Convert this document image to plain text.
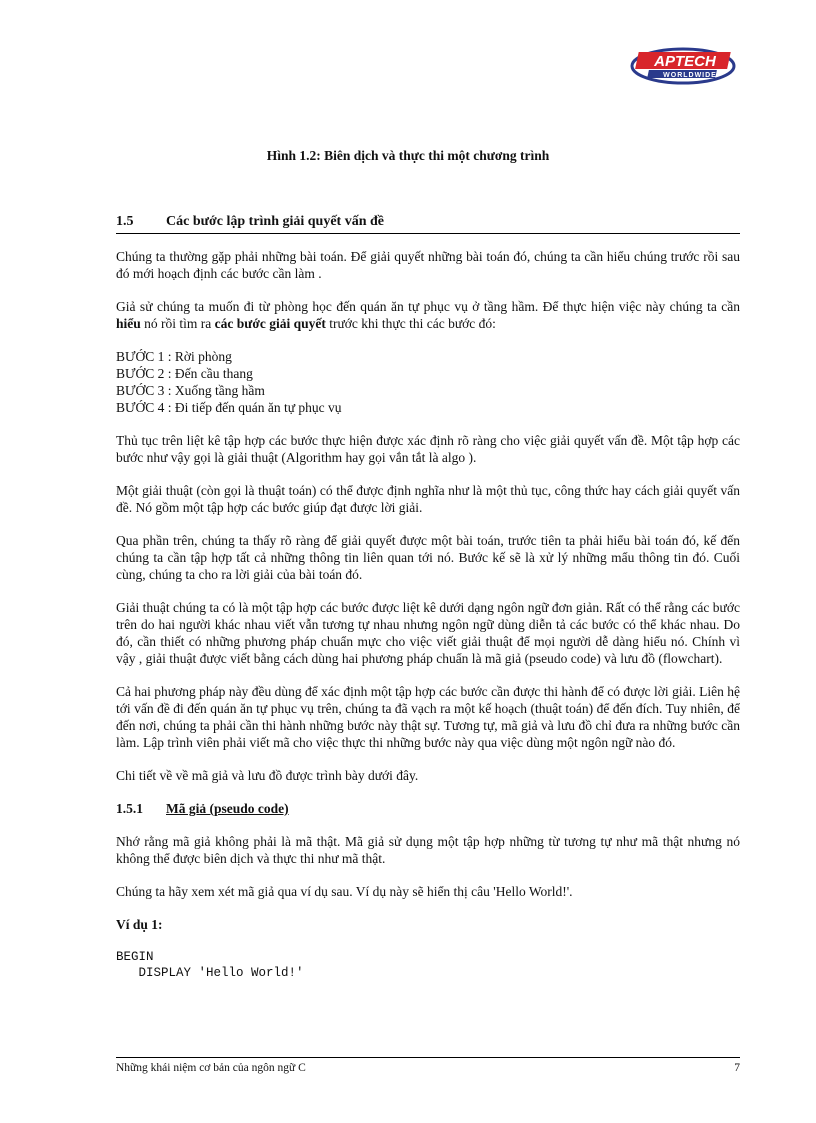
APTECH
WORLDWIDE
Hình 1.2: Biên dịch và thực thi một chương trình
1.5 Các bước lập trình giải quyết vấn đề

Chúng ta thường gặp phải những bài toán. Để giải quyết những bài toán đó, chúng ta cần hiểu chúng trước rồi sau đó mới hoạch định các bước cần làm .

Giả sử chúng ta muốn đi từ phòng học đến quán ăn tự phục vụ ở tầng hầm. Để thực hiện việc này chúng ta cần hiểu nó rồi tìm ra các bước giải quyết trước khi thực thi các bước đó:

BƯỚC 1 : Rời phòng
BƯỚC 2 : Đến cầu thang
BƯỚC 3 : Xuống tầng hầm
BƯỚC 4 : Đi tiếp đến quán ăn tự phục vụ

Thủ tục trên liệt kê tập hợp các bước thực hiện được xác định rõ ràng cho việc giải quyết vấn đề. Một tập hợp các bước như vậy gọi là giải thuật (Algorithm hay gọi vắn tắt là algo ).

Một giải thuật (còn gọi là thuật toán) có thể được định nghĩa như là một thủ tục, công thức hay cách giải quyết vấn đề. Nó gồm một tập hợp các bước giúp đạt được lời giải.

Qua phần trên, chúng ta thấy rõ ràng để giải quyết được một bài toán, trước tiên ta phải hiểu bài toán đó, kế đến chúng ta cần tập hợp tất cả những thông tin liên quan tới nó. Bước kế sẽ là xử lý những mẩu thông tin đó. Cuối cùng, chúng ta cho ra lời giải của bài toán đó.

Giải thuật chúng ta có là một tập hợp các bước được liệt kê dưới dạng ngôn ngữ đơn giản. Rất có thể rằng các bước trên do hai người khác nhau viết vẫn tương tự nhau nhưng ngôn ngữ dùng diễn tả các bước có thể khác nhau. Do đó, cần thiết có những phương pháp chuẩn mực cho việc viết giải thuật để mọi người dễ dàng hiểu nó. Chính vì vậy , giải thuật được viết bằng cách dùng hai phương pháp chuẩn là mã giả (pseudo code) và lưu đồ (flowchart).

Cả hai phương pháp này đều dùng để xác định một tập hợp các bước cần được thi hành để có được lời giải. Liên hệ tới vấn đề đi đến quán ăn tự phục vụ trên, chúng ta đã vạch ra một kế hoạch (thuật toán) để đến đích. Tuy nhiên, để đến nơi, chúng ta phải cần thi hành những bước này thật sự. Tương tự, mã giả và lưu đồ chỉ đưa ra những bước cần làm. Lập trình viên phải viết mã cho việc thực thi những bước này qua việc dùng một ngôn ngữ nào đó.

Chi tiết về về mã giả và lưu đồ được trình bày dưới đây.

1.5.1 Mã giả (pseudo code)

Nhớ rằng mã giả không phải là mã thật. Mã giả sử dụng một tập hợp những từ tương tự như mã thật nhưng nó không thể được biên dịch và thực thi như mã thật.

Chúng ta hãy xem xét mã giả qua ví dụ sau. Ví dụ này sẽ hiển thị câu 'Hello World!'.

Ví dụ 1:
BEGIN
DISPLAY 'Hello World!'
Những khái niệm cơ bản của ngôn ngữ C	7
